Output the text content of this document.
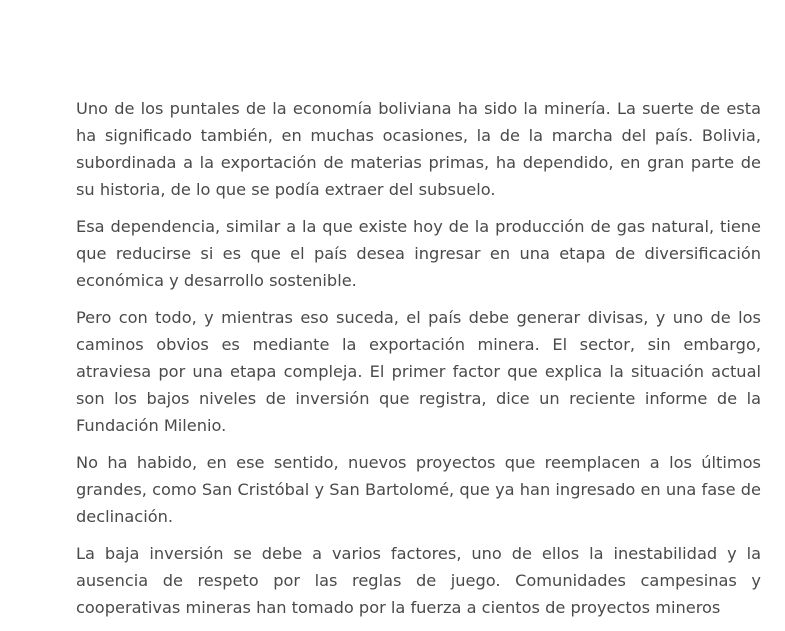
Uno de los puntales de la economía boliviana ha sido la minería. La suerte de esta ha significado también, en muchas ocasiones, la de la marcha del país. Bolivia, subordinada a la exportación de materias primas, ha dependido, en gran parte de su historia, de lo que se podía extraer del subsuelo.

Esa dependencia, similar a la que existe hoy de la producción de gas natural, tiene que reducirse si es que el país desea ingresar en una etapa de diversificación económica y desarrollo sostenible.

Pero con todo, y mientras eso suceda, el país debe generar divisas, y uno de los caminos obvios es mediante la exportación minera. El sector, sin embargo, atraviesa por una etapa compleja. El primer factor que explica la situación actual son los bajos niveles de inversión que registra, dice un reciente informe de la Fundación Milenio.

No ha habido, en ese sentido, nuevos proyectos que reemplacen a los últimos grandes, como San Cristóbal y San Bartolomé, que ya han ingresado en una fase de declinación.

La baja inversión se debe a varios factores, uno de ellos la inestabilidad y la ausencia de respeto por las reglas de juego. Comunidades campesinas y cooperativas mineras han tomado por la fuerza a cientos de proyectos mineros
